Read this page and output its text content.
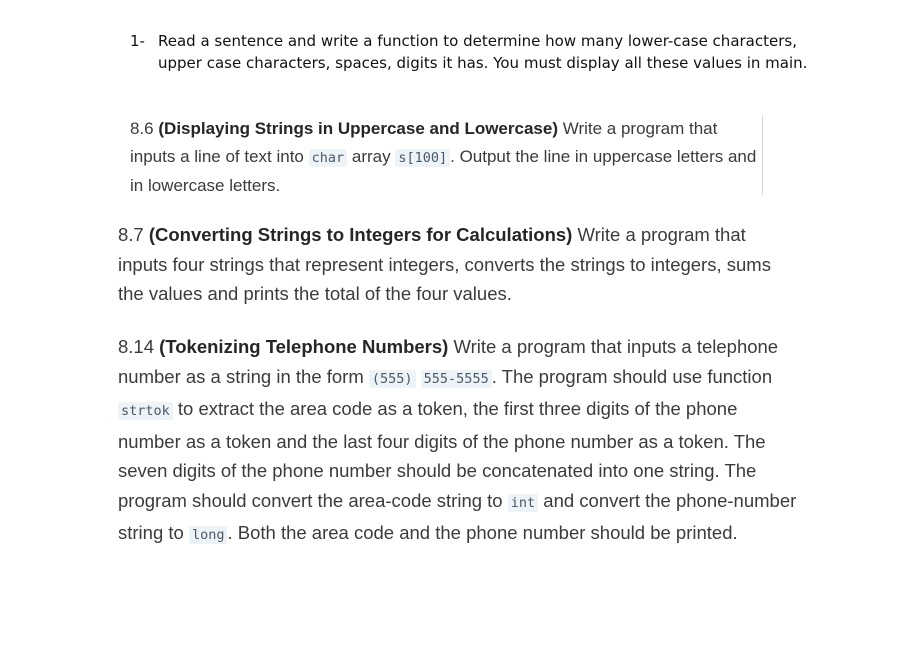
1- Read a sentence and write a function to determine how many lower-case characters,
upper case characters, spaces, digits it has. You must display all these values in main.
8.6 (Displaying Strings in Uppercase and Lowercase) Write a program that inputs a line of text into char array s[100] . Output the line in uppercase letters and in lowercase letters.
8.7 (Converting Strings to Integers for Calculations) Write a program that inputs four strings that represent integers, converts the strings to integers, sums the values and prints the total of the four values.
8.14 (Tokenizing Telephone Numbers) Write a program that inputs a telephone number as a string in the form (555) 555-5555 . The program should use function strtok to extract the area code as a token, the first three digits of the phone number as a token and the last four digits of the phone number as a token. The seven digits of the phone number should be concatenated into one string. The program should convert the area-code string to int and convert the phone-number string to long . Both the area code and the phone number should be printed.
